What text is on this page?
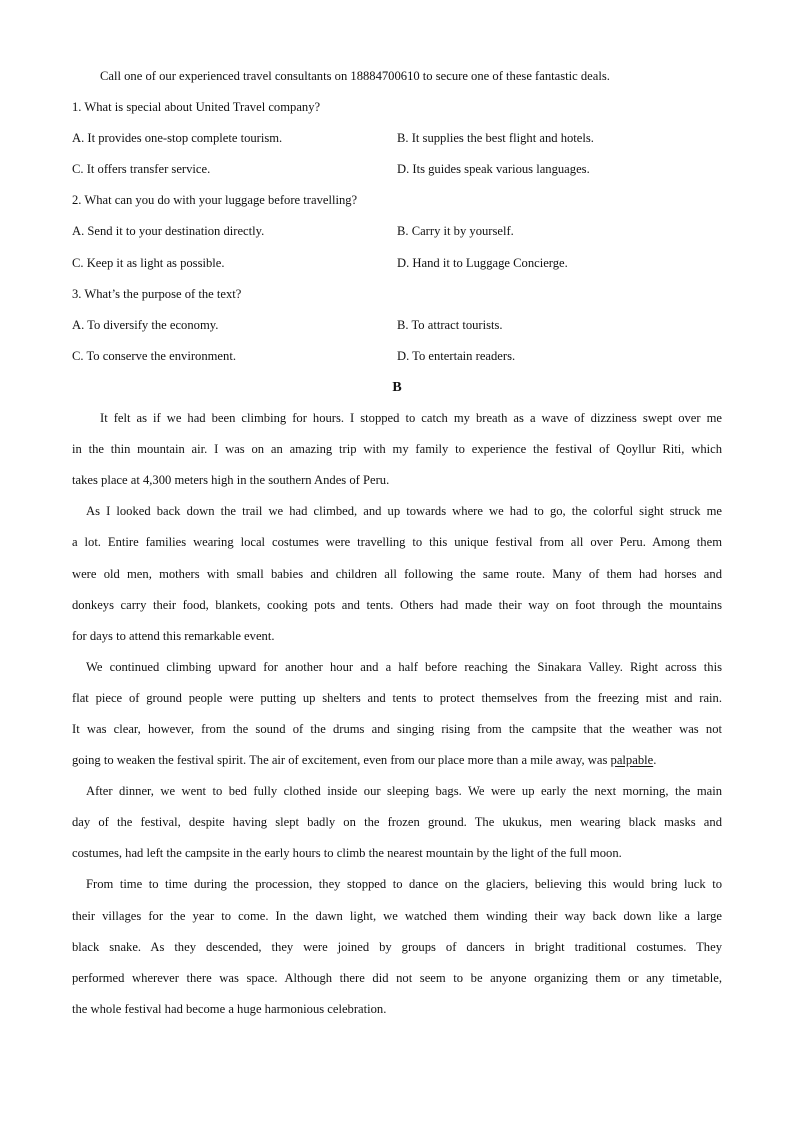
Call one of our experienced travel consultants on 18884700610 to secure one of these fantastic deals.
1. What is special about United Travel company?
A. It provides one-stop complete tourism.	B. It supplies the best flight and hotels.
C. It offers transfer service.	D. Its guides speak various languages.
2. What can you do with your luggage before travelling?
A. Send it to your destination directly.	B. Carry it by yourself.
C. Keep it as light as possible.	D. Hand it to Luggage Concierge.
3. What’s the purpose of the text?
A. To diversify the economy.	B. To attract tourists.
C. To conserve the environment.	D. To entertain readers.
B
It felt as if we had been climbing for hours. I stopped to catch my breath as a wave of dizziness swept over me
in the thin mountain air. I was on an amazing trip with my family to experience the festival of Qoyllur Riti, which
takes place at 4,300 meters high in the southern Andes of Peru.
As I looked back down the trail we had climbed, and up towards where we had to go, the colorful sight struck me
a lot. Entire families wearing local costumes were travelling to this unique festival from all over Peru. Among them
were old men, mothers with small babies and children all following the same route. Many of them had horses and
donkeys carry their food, blankets, cooking pots and tents. Others had made their way on foot through the mountains
for days to attend this remarkable event.
We continued climbing upward for another hour and a half before reaching the Sinakara Valley. Right across this
flat piece of ground people were putting up shelters and tents to protect themselves from the freezing mist and rain.
It was clear, however, from the sound of the drums and singing rising from the campsite that the weather was not
going to weaken the festival spirit. The air of excitement, even from our place more than a mile away, was palpable.
After dinner, we went to bed fully clothed inside our sleeping bags. We were up early the next morning, the main
day of the festival, despite having slept badly on the frozen ground. The ukukus, men wearing black masks and
costumes, had left the campsite in the early hours to climb the nearest mountain by the light of the full moon.
From time to time during the procession, they stopped to dance on the glaciers, believing this would bring luck to
their villages for the year to come. In the dawn light, we watched them winding their way back down like a large
black snake. As they descended, they were joined by groups of dancers in bright traditional costumes. They
performed wherever there was space. Although there did not seem to be anyone organizing them or any timetable,
the whole festival had become a huge harmonious celebration.
